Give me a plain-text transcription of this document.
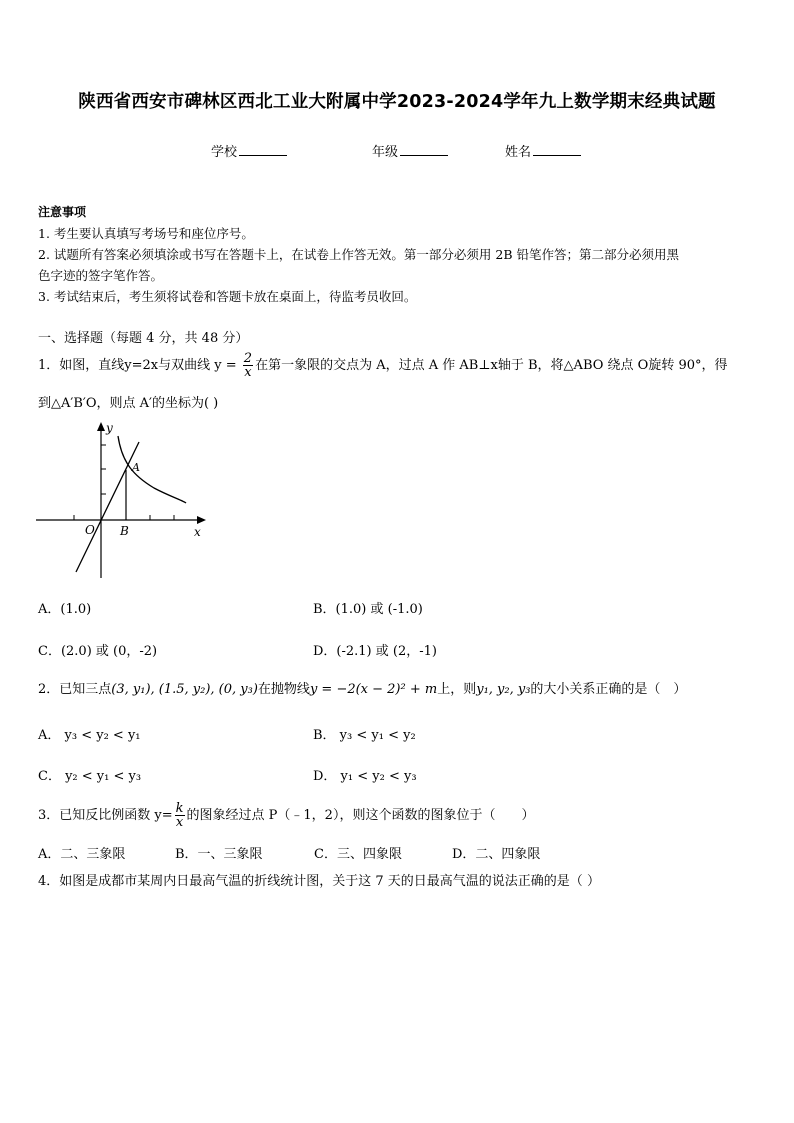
陕西省西安市碑林区西北工业大附属中学2023-2024学年九上数学期末经典试题
学校	年级	姓名
注意事项
1. 考生要认真填写考场号和座位序号。
2. 试题所有答案必须填涂或书写在答题卡上，在试卷上作答无效。第一部分必须用 2B 铅笔作答；第二部分必须用黑
色字迹的签字笔作答。
3. 考试结束后，考生须将试卷和答题卡放在桌面上，待监考员收回。
一、选择题（每题 4 分，共 48 分）
1．如图，直线y=2x与双曲线 $y = \frac{2}{x}$ 在第一象限的交点为 A，过点 A 作 AB⊥x轴于 B，将△ABO 绕点 O旋转 90°，得
到△A′B′O，则点 A′的坐标为( )
y
x
O
A
B
A．(1.0)	B．(1.0) 或 (-1.0)
C．(2.0) 或 (0，-2)	D．(-2.1) 或 (2，-1)
2．已知三点(3, y₁), (1.5, y₂), (0, y₃)在抛物线y = −2(x − 2)² + m上，则y₁, y₂, y₃的大小关系正确的是（　）
A． y₃ < y₂ < y₁	B． y₃ < y₁ < y₂
C． y₂ < y₁ < y₃	D． y₁ < y₂ < y₃
3．已知反比例函数 $y= \frac{k}{x}$ 的图象经过点 P（﹣1，2），则这个函数的图象位于（　　）
A．二、三象限	B．一、三象限	C．三、四象限	D．二、四象限
4．如图是成都市某周内日最高气温的折线统计图，关于这 7 天的日最高气温的说法正确的是（ ）
